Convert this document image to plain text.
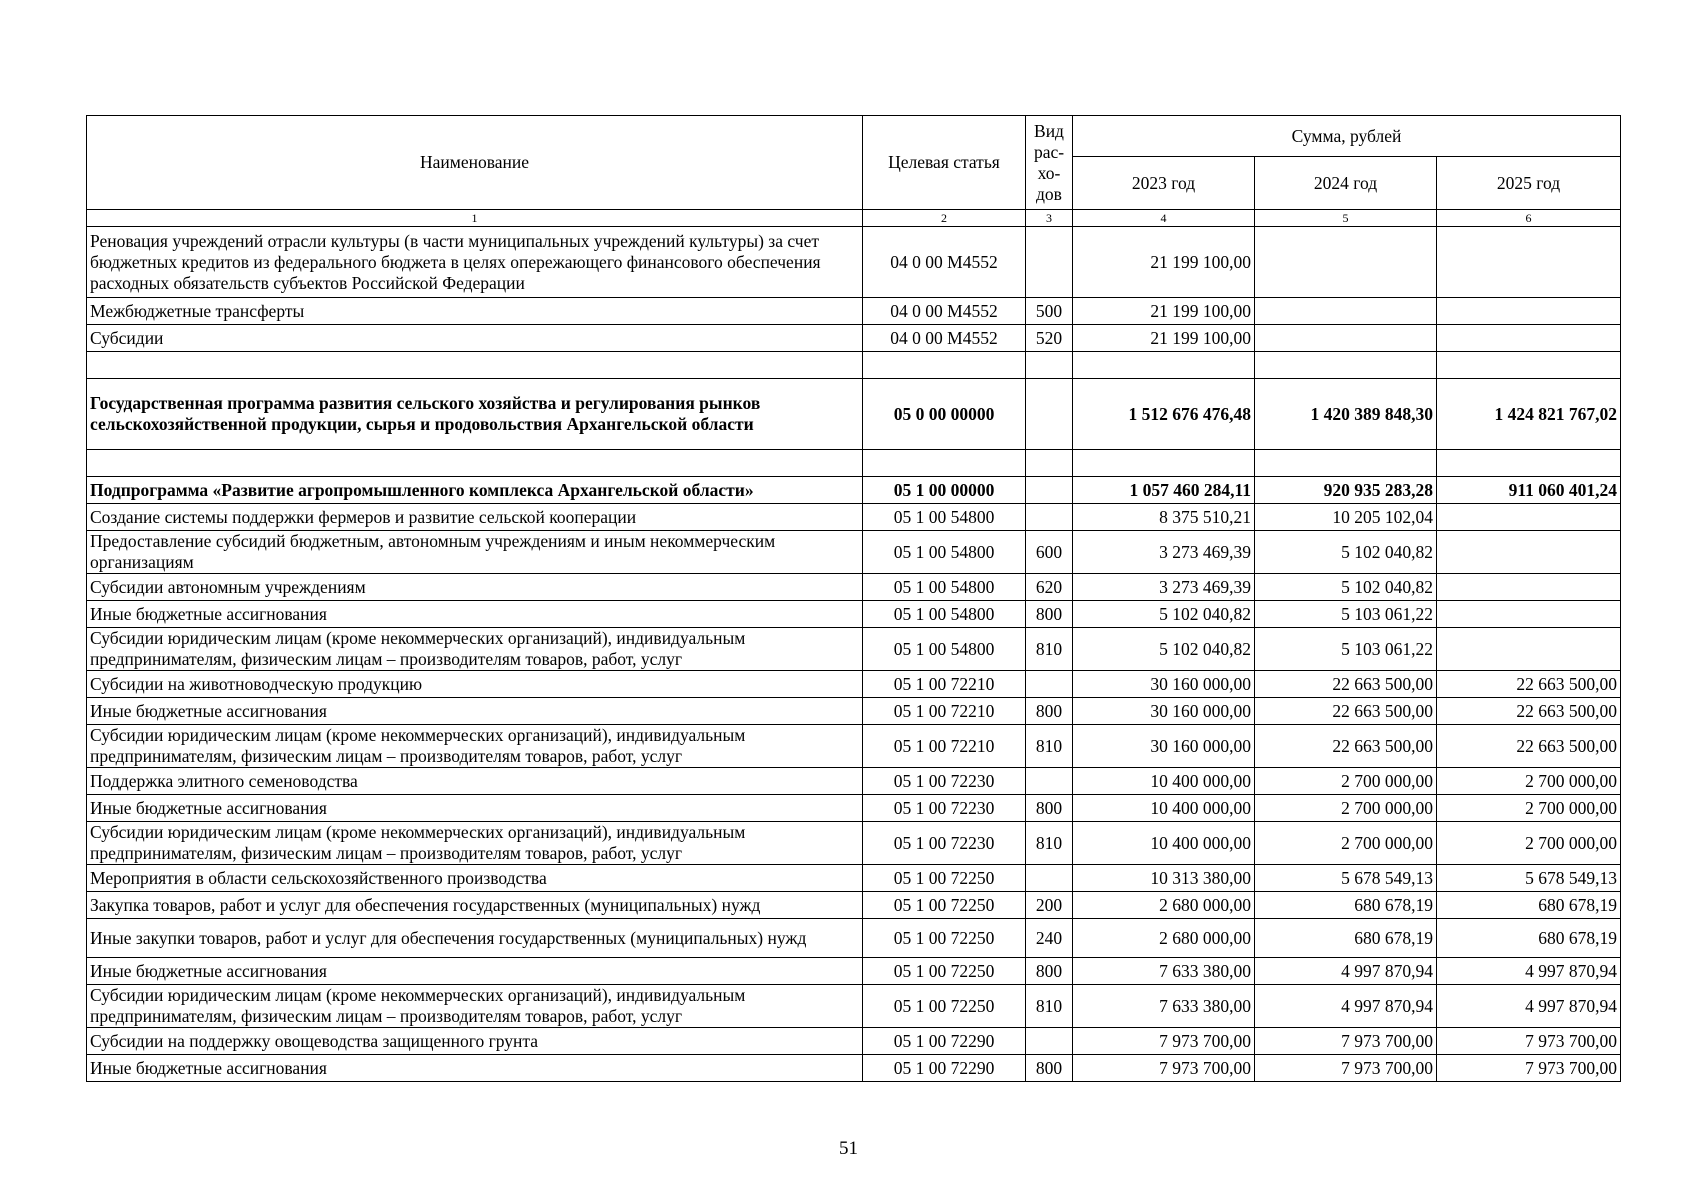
Наименование	Целевая статья	Вид рас-хо-дов	Сумма, рублей		
			2023 год	2024 год	2025 год
1	2	3	4	5	6
Реновация учреждений отрасли культуры (в части муниципальных учреждений культуры) за счет бюджетных кредитов из федерального бюджета в целях опережающего финансового обеспечения расходных обязательств субъектов Российской Федерации	04 0 00 М4552		21 199 100,00		
Межбюджетные трансферты	04 0 00 М4552	500	21 199 100,00		
Субсидии	04 0 00 М4552	520	21 199 100,00		

Государственная программа развития сельского хозяйства и регулирования рынков сельскохозяйственной продукции, сырья и продовольствия Архангельской области	05 0 00 00000		1 512 676 476,48	1 420 389 848,30	1 424 821 767,02

Подпрограмма «Развитие агропромышленного комплекса Архангельской области»	05 1 00 00000		1 057 460 284,11	920 935 283,28	911 060 401,24
Создание системы поддержки фермеров и развитие сельской кооперации	05 1 00 54800		8 375 510,21	10 205 102,04	
Предоставление субсидий бюджетным, автономным учреждениям и иным некоммерческим организациям	05 1 00 54800	600	3 273 469,39	5 102 040,82	
Субсидии автономным учреждениям	05 1 00 54800	620	3 273 469,39	5 102 040,82	
Иные бюджетные ассигнования	05 1 00 54800	800	5 102 040,82	5 103 061,22	
Субсидии юридическим лицам (кроме некоммерческих организаций), индивидуальным предпринимателям, физическим лицам – производителям товаров, работ, услуг	05 1 00 54800	810	5 102 040,82	5 103 061,22	
Субсидии на животноводческую продукцию	05 1 00 72210		30 160 000,00	22 663 500,00	22 663 500,00
Иные бюджетные ассигнования	05 1 00 72210	800	30 160 000,00	22 663 500,00	22 663 500,00
Субсидии юридическим лицам (кроме некоммерческих организаций), индивидуальным предпринимателям, физическим лицам – производителям товаров, работ, услуг	05 1 00 72210	810	30 160 000,00	22 663 500,00	22 663 500,00
Поддержка элитного семеноводства	05 1 00 72230		10 400 000,00	2 700 000,00	2 700 000,00
Иные бюджетные ассигнования	05 1 00 72230	800	10 400 000,00	2 700 000,00	2 700 000,00
Субсидии юридическим лицам (кроме некоммерческих организаций), индивидуальным предпринимателям, физическим лицам – производителям товаров, работ, услуг	05 1 00 72230	810	10 400 000,00	2 700 000,00	2 700 000,00
Мероприятия в области сельскохозяйственного производства	05 1 00 72250		10 313 380,00	5 678 549,13	5 678 549,13
Закупка товаров, работ и услуг для обеспечения государственных (муниципальных) нужд	05 1 00 72250	200	2 680 000,00	680 678,19	680 678,19
Иные закупки товаров, работ и услуг для обеспечения государственных (муниципальных) нужд	05 1 00 72250	240	2 680 000,00	680 678,19	680 678,19
Иные бюджетные ассигнования	05 1 00 72250	800	7 633 380,00	4 997 870,94	4 997 870,94
Субсидии юридическим лицам (кроме некоммерческих организаций), индивидуальным предпринимателям, физическим лицам – производителям товаров, работ, услуг	05 1 00 72250	810	7 633 380,00	4 997 870,94	4 997 870,94
Субсидии на поддержку овощеводства защищенного грунта	05 1 00 72290		7 973 700,00	7 973 700,00	7 973 700,00
Иные бюджетные ассигнования	05 1 00 72290	800	7 973 700,00	7 973 700,00	7 973 700,00
51
